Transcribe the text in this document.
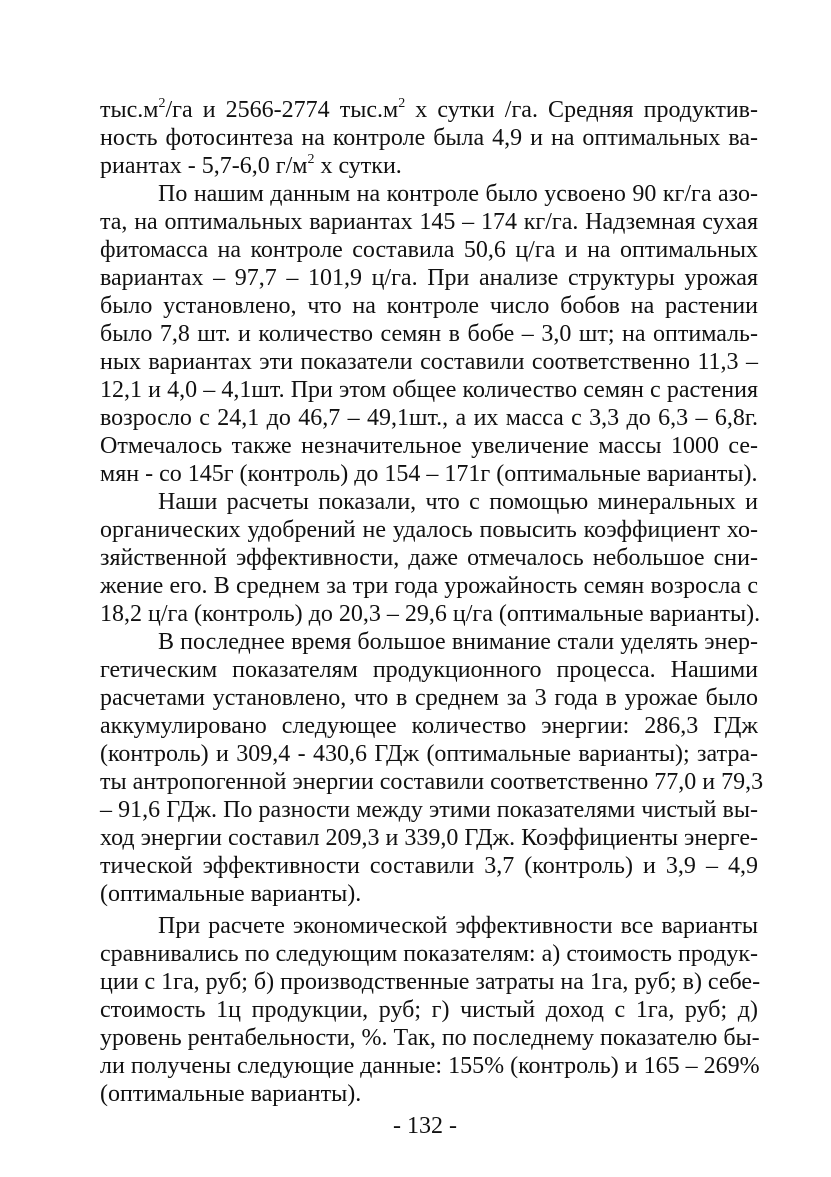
$тыс.м^2/га$ и 2566-2774 $тыс.м^2$ х сутки /га. Средняя продуктив-
ность фотосинтеза на контроле была 4,9 и на оптимальных ва-
риантах - 5,7-6,0 $г/м^2$ х сутки.
По нашим данным на контроле было усвоено 90 кг/га азо-
та, на оптимальных вариантах 145 – 174 кг/га. Надземная сухая
фитомасса на контроле составила 50,6 ц/га и на оптимальных
вариантах – 97,7 – 101,9 ц/га. При анализе структуры урожая
было установлено, что на контроле число бобов на растении
было 7,8 шт. и количество семян в бобе – 3,0 шт; на оптималь-
ных вариантах эти показатели составили соответственно 11,3 –
12,1 и 4,0 – 4,1шт. При этом общее количество семян с растения
возросло с 24,1 до 46,7 – 49,1шт., а их масса с 3,3 до 6,3 – 6,8г.
Отмечалось также незначительное увеличение массы 1000 се-
мян - со 145г (контроль) до 154 – 171г (оптимальные варианты).
Наши расчеты показали, что с помощью минеральных и
органических удобрений не удалось повысить коэффициент хо-
зяйственной эффективности, даже отмечалось небольшое сни-
жение его. В среднем за три года урожайность семян возросла с
18,2 ц/га (контроль) до 20,3 – 29,6 ц/га (оптимальные варианты).
В последнее время большое внимание стали уделять энер-
гетическим показателям продукционного процесса. Нашими
расчетами установлено, что в среднем за 3 года в урожае было
аккумулировано следующее количество энергии: 286,3 ГДж
(контроль) и 309,4 - 430,6 ГДж (оптимальные варианты); затра-
ты антропогенной энергии составили соответственно 77,0 и 79,3
– 91,6 ГДж. По разности между этими показателями чистый вы-
ход энергии составил 209,3 и 339,0 ГДж. Коэффициенты энерге-
тической эффективности составили 3,7 (контроль) и 3,9 – 4,9
(оптимальные варианты).
При расчете экономической эффективности все варианты
сравнивались по следующим показателям: а) стоимость продук-
ции с 1га, руб; б) производственные затраты на 1га, руб; в) себе-
стоимость 1ц продукции, руб; г) чистый доход с 1га, руб; д)
уровень рентабельности, %. Так, по последнему показателю бы-
ли получены следующие данные: 155% (контроль) и 165 – 269%
(оптимальные варианты).
- 132 -
